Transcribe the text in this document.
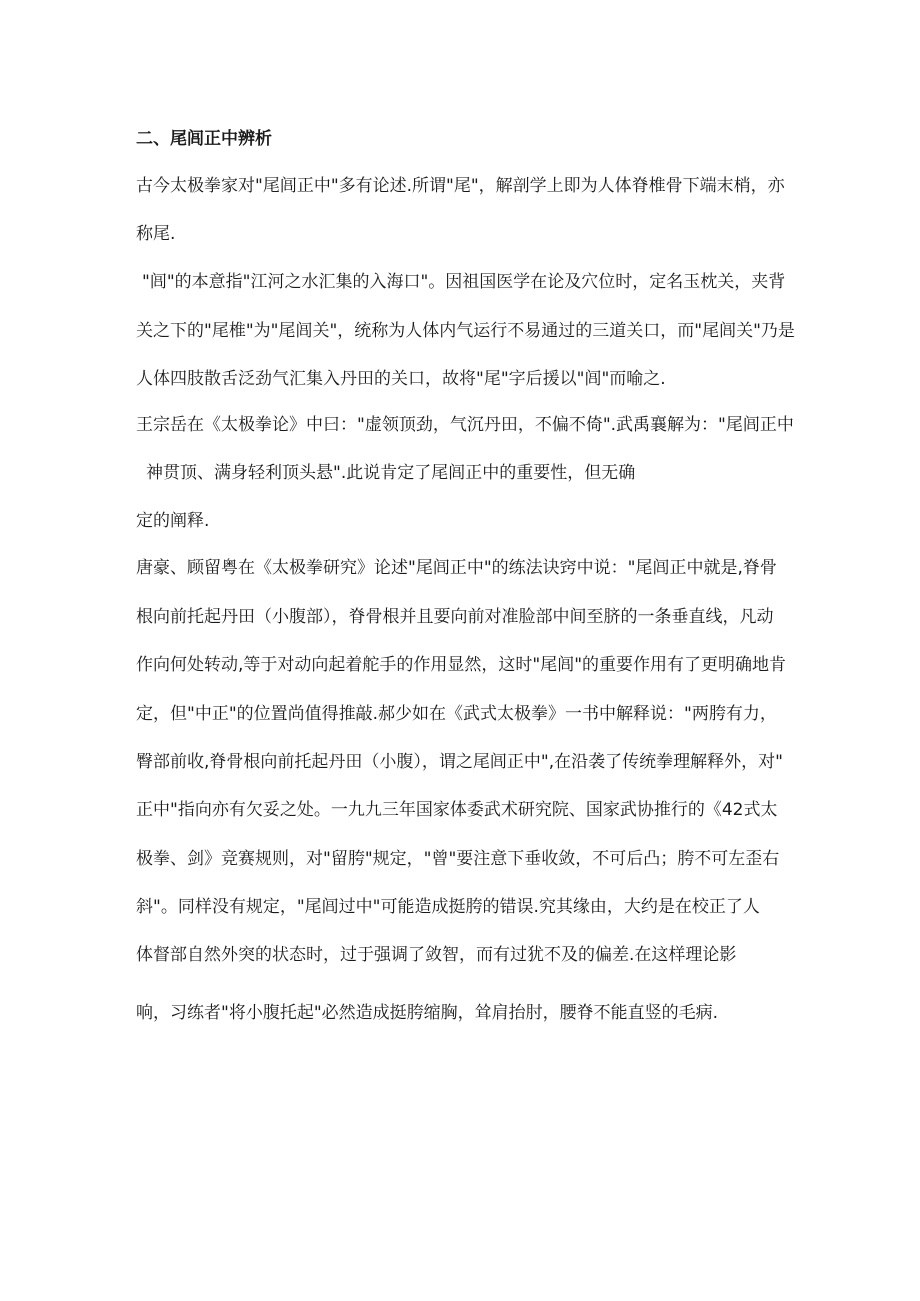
二、尾闾正中辨析

古今太极拳家对"尾闾正中"多有论述.所谓"尾"，解剖学上即为人体脊椎骨下端末梢，亦

称尾.

"闾"的本意指"江河之水汇集的入海口"。因祖国医学在论及穴位时，定名玉枕关，夹背

关之下的"尾椎"为"尾闾关"，统称为人体内气运行不易通过的三道关口，而"尾闾关"乃是

人体四肢散舌泛劲气汇集入丹田的关口，故将"尾"字后援以"闾"而喻之.

王宗岳在《太极拳论》中曰："虚领顶劲，气沉丹田，不偏不倚".武禹襄解为："尾闾正中

神贯顶、满身轻利顶头悬".此说肯定了尾闾正中的重要性，但无确

定的阐释.

唐豪、顾留粤在《太极拳研究》论述"尾闾正中"的练法诀窍中说："尾闾正中就是,脊骨

根向前托起丹田（小腹部），脊骨根并且要向前对准脸部中间至脐的一条垂直线，凡动

作向何处转动,等于对动向起着舵手的作用显然，这时"尾闾"的重要作用有了更明确地肯

定，但"中正"的位置尚值得推敲.郝少如在《武式太极拳》一书中解释说："两胯有力，

臀部前收,脊骨根向前托起丹田（小腹），谓之尾闾正中",在沿袭了传统拳理解释外，对"

正中"指向亦有欠妥之处。一九九三年国家体委武术研究院、国家武协推行的《42式太

极拳、剑》竞赛规则，对"留胯"规定，"曾"要注意下垂收敛，不可后凸；胯不可左歪右

斜"。同样没有规定，"尾闾过中"可能造成挺胯的错误.究其缘由，大约是在校正了人

体督部自然外突的状态时，过于强调了敛智，而有过犹不及的偏差.在这样理论影

响，习练者"将小腹托起"必然造成挺胯缩胸，耸肩抬肘，腰脊不能直竖的毛病.
